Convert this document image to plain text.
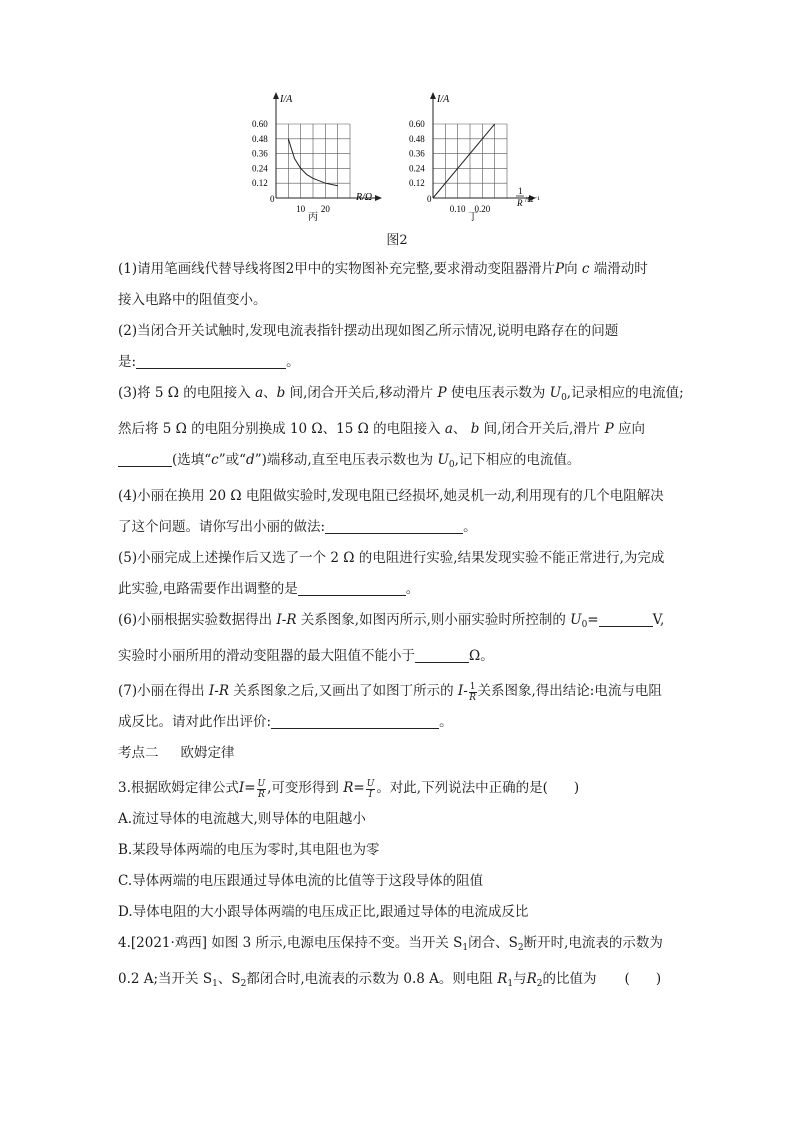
I/A
R/Ω
0
0.12
0.24
0.36
0.48
0.60
10 20
丙
I/A
1
R /Ω⁻¹
0
0.12
0.24
0.36
0.48
0.60
0.10 0.20
丁
图2
(1)请用笔画线代替导线将图2甲中的实物图补充完整,要求滑动变阻器滑片P向 c 端滑动时
接入电路中的阻值变小。
(2)当闭合开关试触时,发现电流表指针摆动出现如图乙所示情况,说明电路存在的问题
是:	。
(3)将 5 Ω 的电阻接入 a、b 间,闭合开关后,移动滑片 P 使电压表示数为 $U_0$,记录相应的电流值;
然后将 5 Ω 的电阻分别换成 10 Ω、15 Ω 的电阻接入 a、 b 间,闭合开关后,滑片 P 应向
(选填“c”或“d”)端移动,直至电压表示数也为 $U_0$,记下相应的电流值。
(4)小丽在换用 20 Ω 电阻做实验时,发现电阻已经损坏,她灵机一动,利用现有的几个电阻解决
了这个问题。请你写出小丽的做法:	。
(5)小丽完成上述操作后又选了一个 2 Ω 的电阻进行实验,结果发现实验不能正常进行,为完成
此实验,电路需要作出调整的是	。
(6)小丽根据实验数据得出 I-R 关系图象,如图丙所示,则小丽实验时所控制的 $U_0=$	V,
实验时小丽所用的滑动变阻器的最大阻值不能小于	Ω。
(7)小丽在得出 I-R 关系图象之后,又画出了如图丁所示的 $I- \frac{1}{R}$ 关系图象,得出结论:电流与电阻
成反比。请对此作出评价:	。
考点二 欧姆定律
3.根据欧姆定律公式$I= \frac{U}{R}$ ,可变形得到 $R= \frac{U}{I}$ 。对此,下列说法中正确的是( )
A.流过导体的电流越大,则导体的电阻越小
B.某段导体两端的电压为零时,其电阻也为零
C.导体两端的电压跟通过导体电流的比值等于这段导体的阻值
D.导体电阻的大小跟导体两端的电压成正比,跟通过导体的电流成反比
4.[2021·鸡西] 如图 3 所示,电源电压保持不变。当开关 $S_1$闭合、$S_2$断开时,电流表的示数为
0.2 A;当开关 $S_1$、$S_2$都闭合时,电流表的示数为 0.8 A。则电阻 $R_1$与$R_2$的比值为 ( )
